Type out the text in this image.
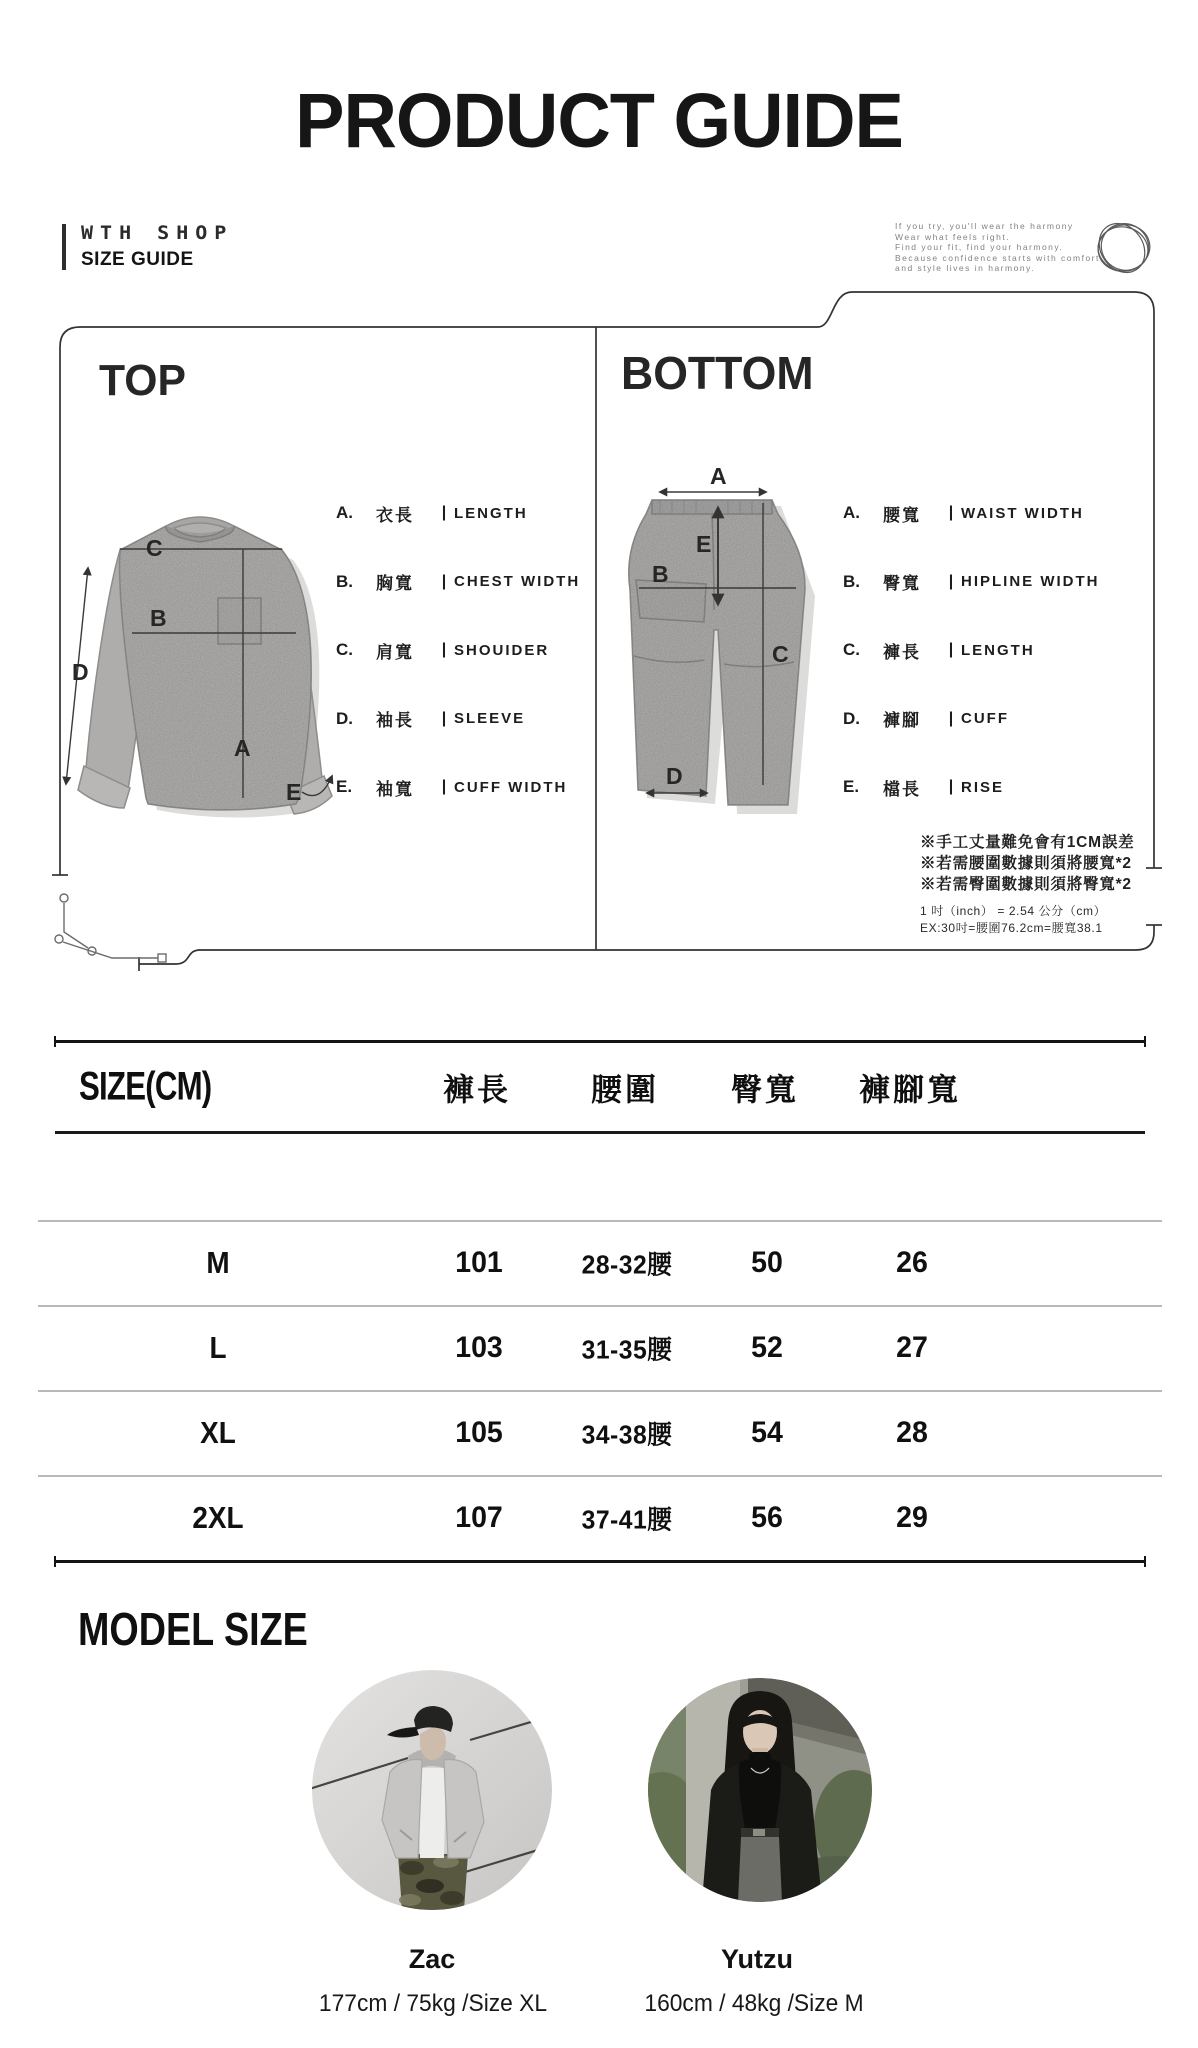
PRODUCT GUIDE
WTH SHOP
SIZE GUIDE
If you try, you'll wear the harmony
Wear what feels right.
Find your fit, find your harmony.
Because confidence starts with comfort
and style lives in harmony.
TOP
C
B
A
D
E
A.	衣長	| LENGTH
B.	胸寬	| CHEST WIDTH
C.	肩寬	| SHOUIDER
D.	袖長	| SLEEVE
E.	袖寬	| CUFF WIDTH
BOTTOM
A
E
B
C
D
A.	腰寬	| WAIST WIDTH
B.	臀寬	| HIPLINE WIDTH
C.	褲長	| LENGTH
D.	褲腳	| CUFF
E.	檔長	| RISE
※手工丈量難免會有1CM誤差
※若需腰圍數據則須將腰寬*2
※若需臀圍數據則須將臀寬*2
1 吋（inch） = 2.54 公分（cm）
EX:30吋=腰圍76.2cm=腰寬38.1
SIZE(CM)	褲長	腰圍 臀寬 褲腳寬
M	101	28-32腰	50	26
L	103	31-35腰	52	27
XL	105	34-38腰	54	28
2XL	107	37-41腰	56	29
MODEL SIZE
Zac	Yutzu
177cm / 75kg /Size XL	160cm / 48kg /Size M
